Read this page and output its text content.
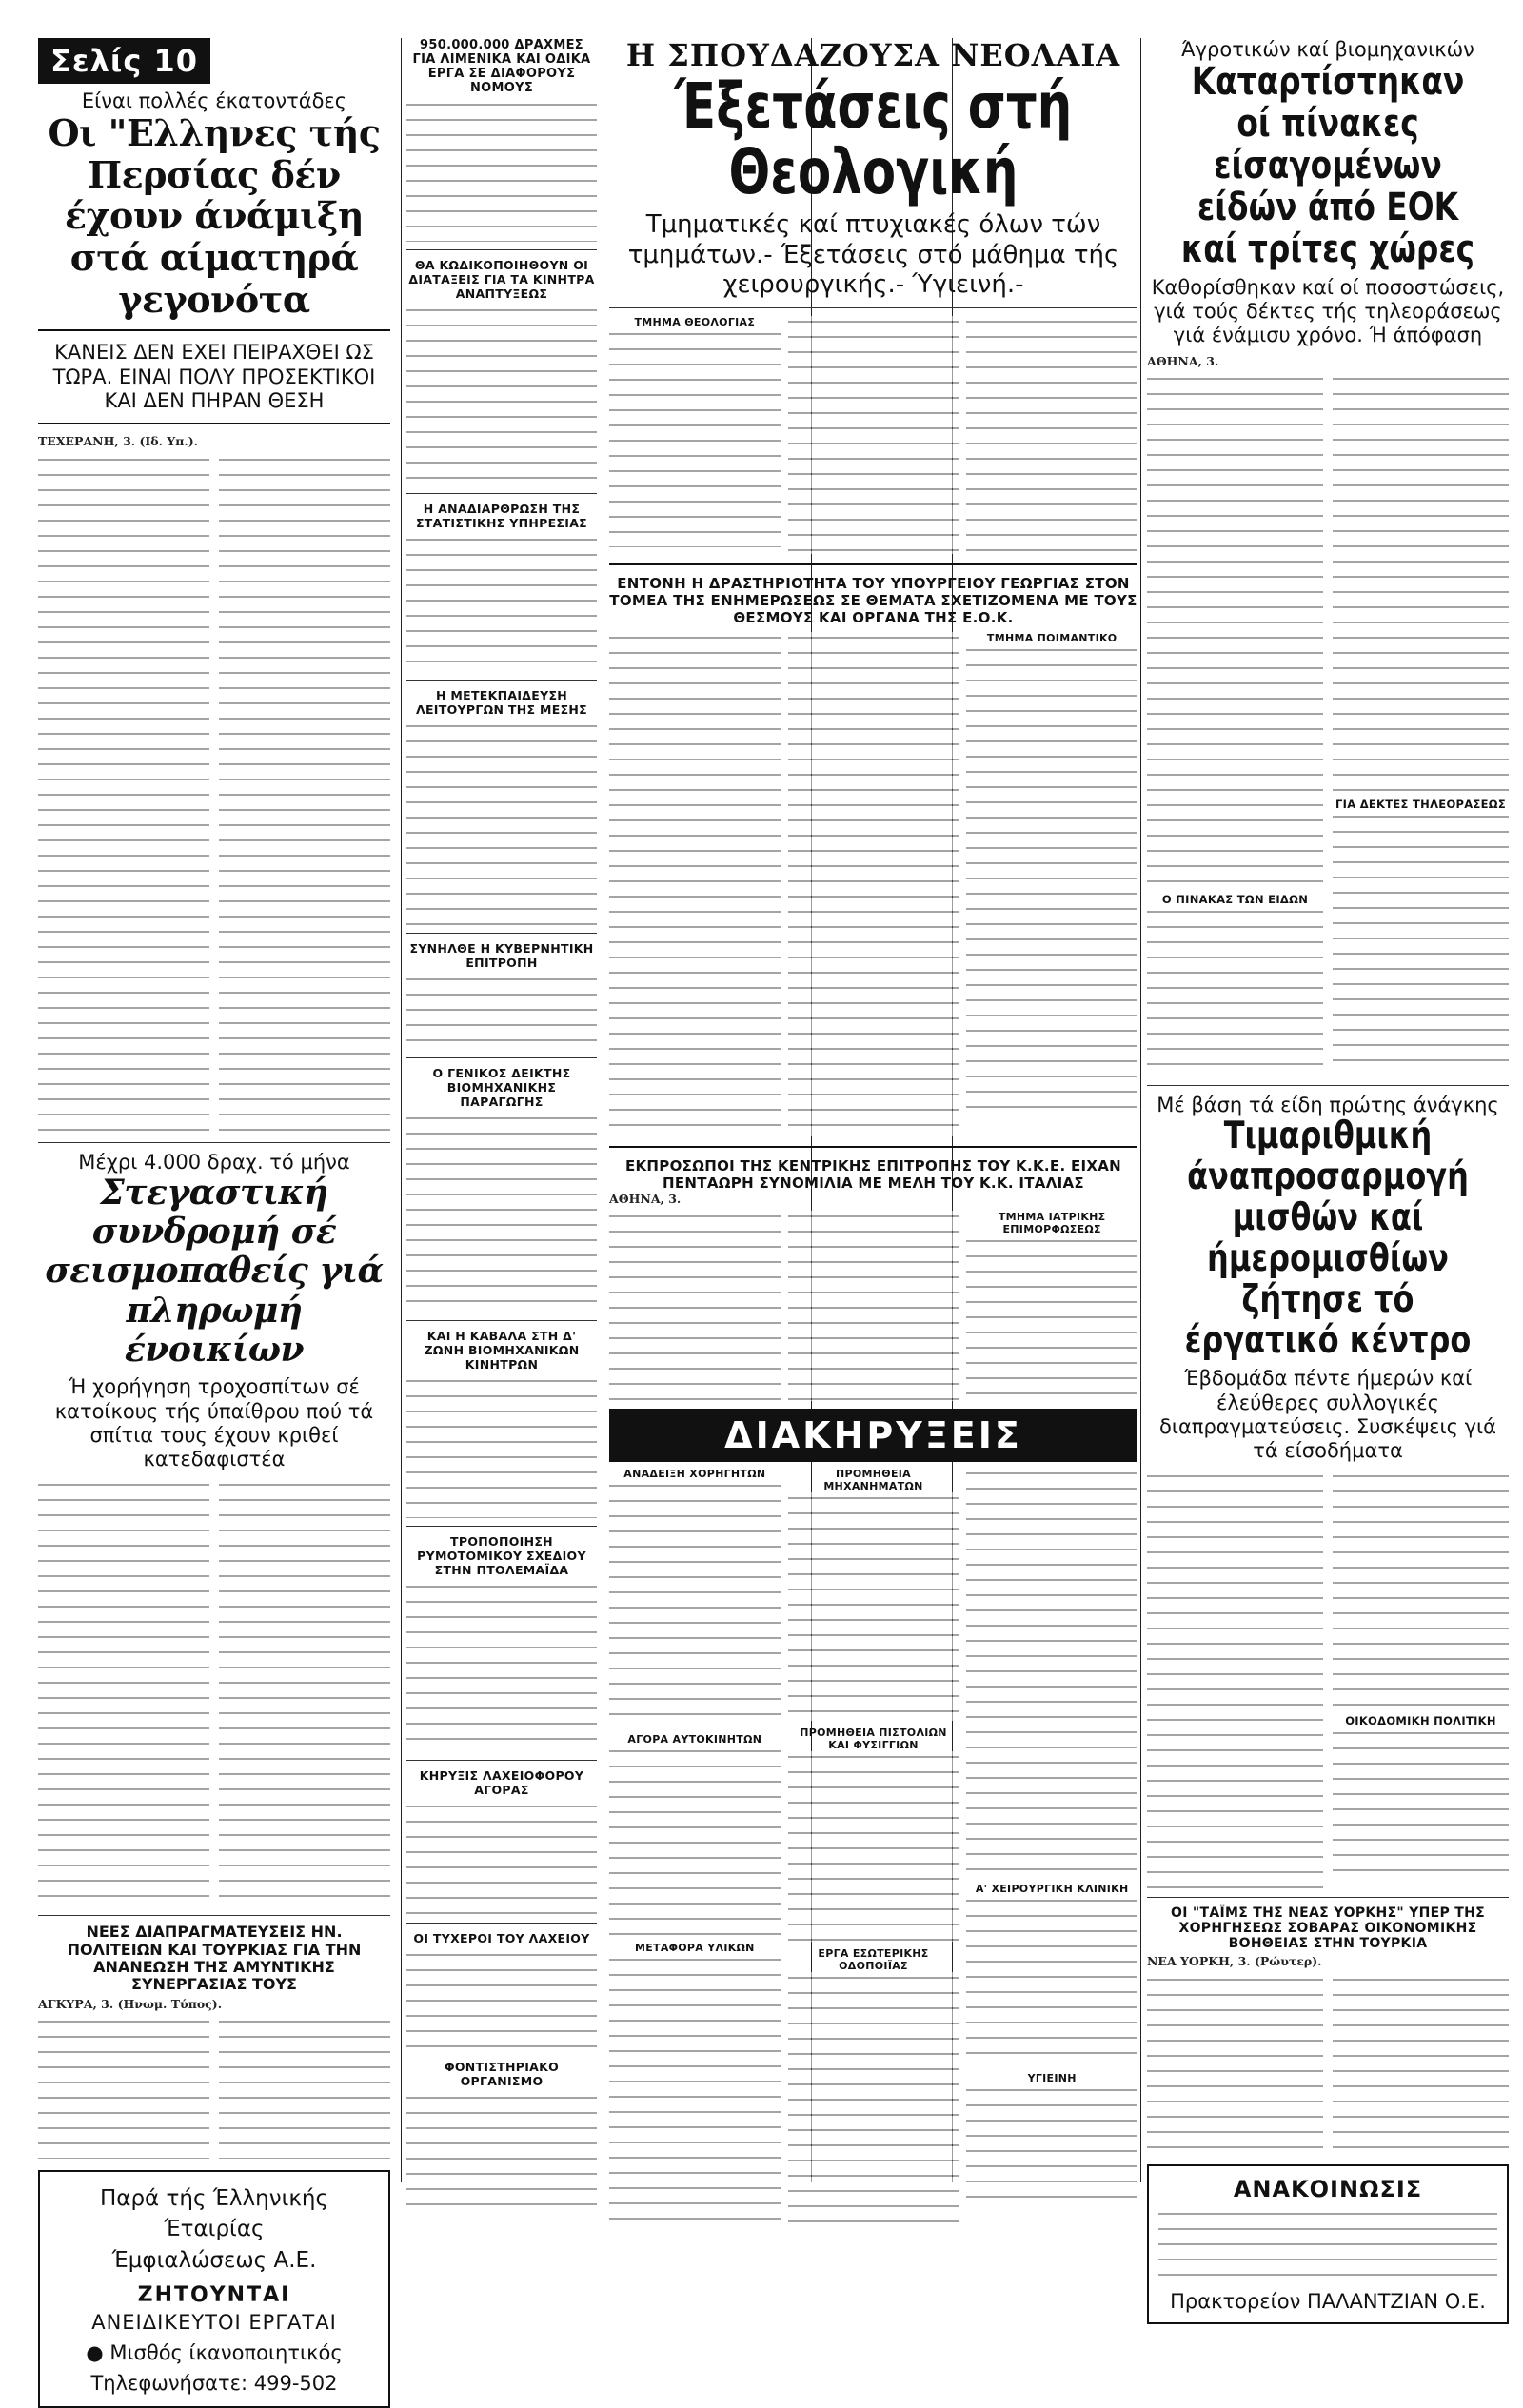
Σελίς 10
Είναι πολλές έκατοντάδες
Οι "Ελληνες τής Περσίας δέν έχουν άνάμιξη στά αίματηρά γεγονότα
ΚΑΝΕΙΣ ΔΕΝ ΕΧΕΙ ΠΕΙΡΑΧΘΕΙ ΩΣ ΤΩΡΑ. ΕΙΝΑΙ ΠΟΛΥ ΠΡΟΣΕΚΤΙΚΟΙ ΚΑΙ ΔΕΝ ΠΗΡΑΝ ΘΕΣΗ
ΤΕΧΕΡΑΝΗ, 3. (Ιδ. Υπ.).
Μέχρι 4.000 δραχ. τό μήνα
Στεγαστική συνδρομή σέ σεισμοπαθείς γιά πληρωμή ένοικίων
Ή χορήγηση τροχοσπίτων σέ κατοίκους τής ύπαίθρου πού τά σπίτια τους έχουν κριθεί κατεδαφιστέα
ΝΕΕΣ ΔΙΑΠΡΑΓΜΑΤΕΥΣΕΙΣ ΗΝ. ΠΟΛΙΤΕΙΩΝ ΚΑΙ ΤΟΥΡΚΙΑΣ ΓΙΑ ΤΗΝ ΑΝΑΝΕΩΣΗ ΤΗΣ ΑΜΥΝΤΙΚΗΣ ΣΥΝΕΡΓΑΣΙΑΣ ΤΟΥΣ
ΑΓΚΥΡΑ, 3. (Ηνωμ. Τύπος).
Παρά τής Έλληνικής Έταιρίας
Έμφιαλώσεως Α.Ε.
ΖΗΤΟΥΝΤΑΙ
ΑΝΕΙΔΙΚΕΥΤΟΙ ΕΡΓΑΤΑΙ
● Μισθός ίκανοποιητικός
Τηλεφωνήσατε: 499-502
950.000.000 ΔΡΑΧΜΕΣ ΓΙΑ ΛΙΜΕΝΙΚΑ ΚΑΙ ΟΔΙΚΑ ΕΡΓΑ ΣΕ ΔΙΑΦΟΡΟΥΣ ΝΟΜΟΥΣ
ΘΑ ΚΩΔΙΚΟΠΟΙΗΘΟΥΝ ΟΙ ΔΙΑΤΑΞΕΙΣ ΓΙΑ ΤΑ ΚΙΝΗΤΡΑ ΑΝΑΠΤΥΞΕΩΣ
Η ΑΝΑΔΙΑΡΘΡΩΣΗ ΤΗΣ ΣΤΑΤΙΣΤΙΚΗΣ ΥΠΗΡΕΣΙΑΣ
Η ΜΕΤΕΚΠΑΙΔΕΥΣΗ ΛΕΙΤΟΥΡΓΩΝ ΤΗΣ ΜΕΣΗΣ
ΣΥΝΗΛΘΕ Η ΚΥΒΕΡΝΗΤΙΚΗ ΕΠΙΤΡΟΠΗ
Ο ΓΕΝΙΚΟΣ ΔΕΙΚΤΗΣ ΒΙΟΜΗΧΑΝΙΚΗΣ ΠΑΡΑΓΩΓΗΣ
ΚΑΙ Η ΚΑΒΑΛΑ ΣΤΗ Δ' ΖΩΝΗ ΒΙΟΜΗΧΑΝΙΚΩΝ ΚΙΝΗΤΡΩΝ
ΤΡΟΠΟΠΟΙΗΣΗ ΡΥΜΟΤΟΜΙΚΟΥ ΣΧΕΔΙΟΥ ΣΤΗΝ ΠΤΟΛΕΜΑΪΔΑ
ΚΗΡΥΞΙΣ ΛΑΧΕΙΟΦΟΡΟΥ ΑΓΟΡΑΣ
ΟΙ ΤΥΧΕΡΟΙ ΤΟΥ ΛΑΧΕΙΟΥ
ΦΟΝΤΙΣΤΗΡΙΑΚΟ ΟΡΓΑΝΙΣΜΟ
Η ΣΠΟΥΔΑΖΟΥΣΑ ΝΕΟΛΑΙΑ
Έξετάσεις στή Θεολογική
Τμηματικές καί πτυχιακές όλων τών τμημάτων.- Έξετάσεις στό μάθημα τής χειρουργικής.- Ύγιεινή.-
ΤΜΗΜΑ ΘΕΟΛΟΓΙΑΣ
ΕΝΤΟΝΗ Η ΔΡΑΣΤΗΡΙΟΤΗΤΑ ΤΟΥ ΥΠΟΥΡΓΕΙΟΥ ΓΕΩΡΓΙΑΣ ΣΤΟΝ ΤΟΜΕΑ ΤΗΣ ΕΝΗΜΕΡΩΣΕΩΣ ΣΕ ΘΕΜΑΤΑ ΣΧΕΤΙΖΟΜΕΝΑ ΜΕ ΤΟΥΣ ΘΕΣΜΟΥΣ ΚΑΙ ΟΡΓΑΝΑ ΤΗΣ Ε.Ο.Κ.
ΤΜΗΜΑ ΠΟΙΜΑΝΤΙΚΟ
ΕΚΠΡΟΣΩΠΟΙ ΤΗΣ ΚΕΝΤΡΙΚΗΣ ΕΠΙΤΡΟΠΗΣ ΤΟΥ Κ.Κ.Ε. ΕΙΧΑΝ ΠΕΝΤΑΩΡΗ ΣΥΝΟΜΙΛΙΑ ΜΕ ΜΕΛΗ ΤΟΥ Κ.Κ. ΙΤΑΛΙΑΣ
ΑΘΗΝΑ, 3.
ΤΜΗΜΑ ΙΑΤΡΙΚΗΣ ΕΠΙΜΟΡΦΩΣΕΩΣ
ΔΙΑΚΗΡΥΞΕΙΣ
ΑΝΑΔΕΙΞΗ ΧΟΡΗΓΗΤΩΝ
ΑΓΟΡΑ ΑΥΤΟΚΙΝΗΤΩΝ
ΜΕΤΑΦΟΡΑ ΥΛΙΚΩΝ
ΠΡΟΜΗΘΕΙΑ ΜΗΧΑΝΗΜΑΤΩΝ
ΠΡΟΜΗΘΕΙΑ ΠΙΣΤΟΛΙΩΝ ΚΑΙ ΦΥΣΙΓΓΙΩΝ
ΕΡΓΑ ΕΣΩΤΕΡΙΚΗΣ ΟΔΟΠΟΙΪΑΣ
Α' ΧΕΙΡΟΥΡΓΙΚΗ ΚΛΙΝΙΚΗ
ΥΓΙΕΙΝΗ
Άγροτικών καί βιομηχανικών
Καταρτίστηκαν οί πίνακες είσαγομένων είδών άπό ΕΟΚ καί τρίτες χώρες
Καθορίσθηκαν καί οί ποσοστώσεις, γιά τούς δέκτες τής τηλεοράσεως γιά ένάμισυ χρόνο. Ή άπόφαση
ΑΘΗΝΑ, 3.
Ο ΠΙΝΑΚΑΣ ΤΩΝ ΕΙΔΩΝ
ΓΙΑ ΔΕΚΤΕΣ ΤΗΛΕΟΡΑΣΕΩΣ
Μέ βάση τά είδη πρώτης άνάγκης
Τιμαριθμική άναπροσαρμογή μισθών καί ήμερομισθίων ζήτησε τό έργατικό κέντρο
Έβδομάδα πέντε ήμερών καί έλεύθερες συλλογικές διαπραγματεύσεις. Συσκέψεις γιά τά είσοδήματα
ΟΙΚΟΔΟΜΙΚΗ ΠΟΛΙΤΙΚΗ
ΟΙ "ΤΑΪΜΣ ΤΗΣ ΝΕΑΣ ΥΟΡΚΗΣ" ΥΠΕΡ ΤΗΣ ΧΟΡΗΓΗΣΕΩΣ ΣΟΒΑΡΑΣ ΟΙΚΟΝΟΜΙΚΗΣ ΒΟΗΘΕΙΑΣ ΣΤΗΝ ΤΟΥΡΚΙΑ
ΝΕΑ ΥΟΡΚΗ, 3. (Ρώυτερ).
ΑΝΑΚΟΙΝΩΣΙΣ
Πρακτορείον ΠΑΛΑΝΤΖΙΑΝ Ο.Ε.
